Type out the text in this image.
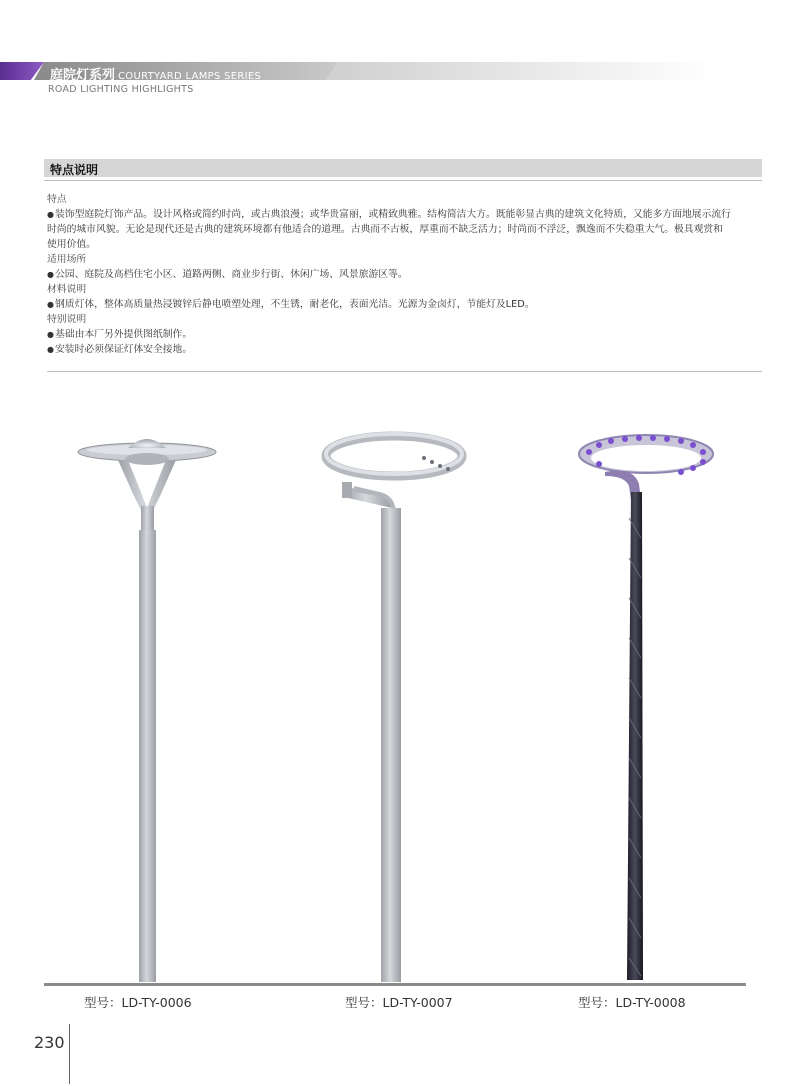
庭院灯系列 COURTYARD LAMPS SERIES
ROAD LIGHTING HIGHLIGHTS
特点说明
特点
● 装饰型庭院灯饰产品。设计风格或简约时尚，或古典浪漫；或华贵富丽，或精致典雅。结构简洁大方。既能彰显古典的建筑文化特质，又能多方面地展示流行
时尚的城市风貌。无论是现代还是古典的建筑环境都有他适合的道理。古典而不古板，厚重而不缺乏活力；时尚而不浮泛，飘逸而不失稳重大气。极具观赏和
使用价值。
适用场所
● 公园、庭院及高档住宅小区、道路两侧、商业步行街、休闲广场、风景旅游区等。
材料说明
● 钢质灯体，整体高质量热浸镀锌后静电喷塑处理，不生锈，耐老化，表面光洁。光源为金卤灯，节能灯及LED。
特别说明
● 基础由本厂另外提供图纸制作。
● 安装时必须保证灯体安全接地。
型号：LD-TY-0006	型号：LD-TY-0007	型号：LD-TY-0008
230
